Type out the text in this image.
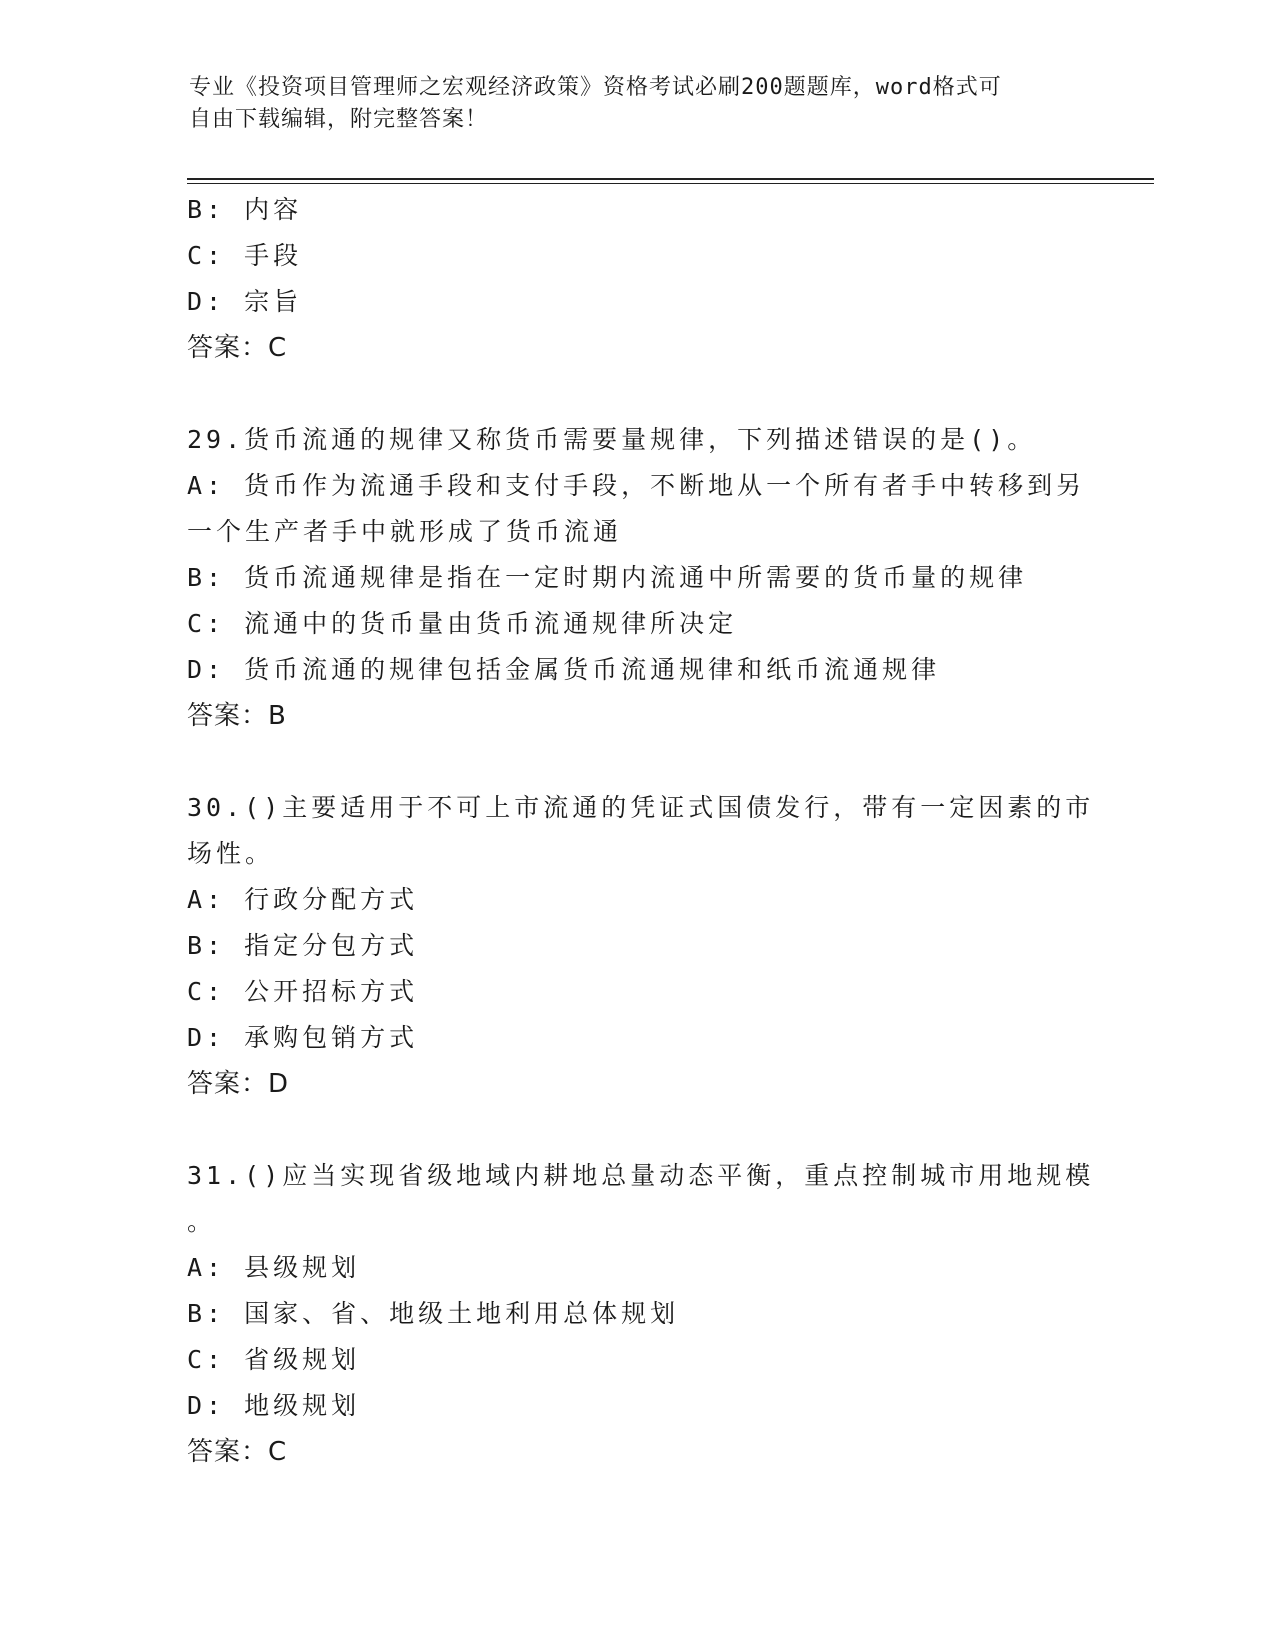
专业《投资项目管理师之宏观经济政策》资格考试必刷200题题库，word格式可
自由下载编辑，附完整答案！
B: 内容
C: 手段
D: 宗旨
答案：C
29.货币流通的规律又称货币需要量规律，下列描述错误的是()。
A: 货币作为流通手段和支付手段，不断地从一个所有者手中转移到另
一个生产者手中就形成了货币流通
B: 货币流通规律是指在一定时期内流通中所需要的货币量的规律
C: 流通中的货币量由货币流通规律所决定
D: 货币流通的规律包括金属货币流通规律和纸币流通规律
答案：B
30.()主要适用于不可上市流通的凭证式国债发行，带有一定因素的市
场性。
A: 行政分配方式
B: 指定分包方式
C: 公开招标方式
D: 承购包销方式
答案：D
31.()应当实现省级地域内耕地总量动态平衡，重点控制城市用地规模
。
A: 县级规划
B: 国家、省、地级土地利用总体规划
C: 省级规划
D: 地级规划
答案：C
